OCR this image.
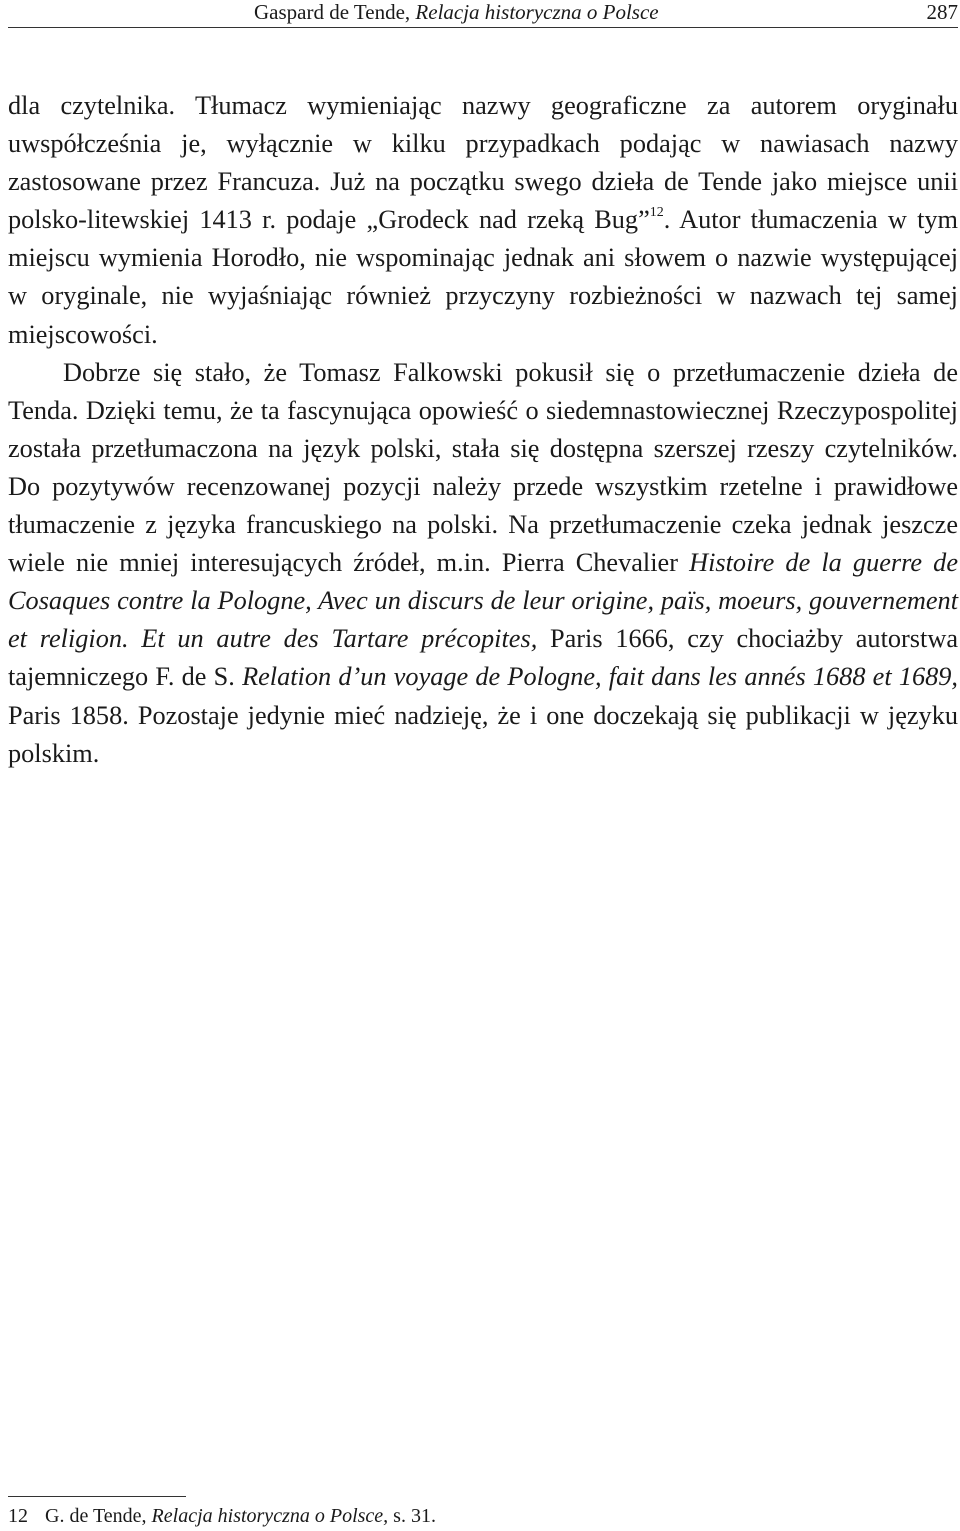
Gaspard de Tende, Relacja historyczna o Polsce	287

dla czytelnika. Tłumacz wymieniając nazwy geograficzne za autorem oryginału uwspółcześnia je, wyłącznie w kilku przypadkach podając w nawiasach nazwy zastosowane przez Francuza. Już na początku swego dzieła de Tende jako miejsce unii polsko-litewskiej 1413 r. podaje „Grodeck nad rzeką Bug”$^{12}$. Autor tłumaczenia w tym miejscu wymienia Horodło, nie wspominając jednak ani słowem o nazwie występującej w oryginale, nie wyjaśniając również przyczyny rozbieżności w nazwach tej samej miejscowości.

Dobrze się stało, że Tomasz Falkowski pokusił się o przetłumaczenie dzieła de Tenda. Dzięki temu, że ta fascynująca opowieść o siedemnastowiecznej Rzeczypospolitej została przetłumaczona na język polski, stała się dostępna szerszej rzeszy czytelników. Do pozytywów recenzowanej pozycji należy przede wszystkim rzetelne i prawidłowe tłumaczenie z języka francuskiego na polski. Na przetłumaczenie czeka jednak jeszcze wiele nie mniej interesujących źródeł, m.in. Pierra Chevalier Histoire de la guerre de Cosaques contre la Pologne, Avec un discurs de leur origine, païs, moeurs, gouvernement et religion. Et un autre des Tartare précopites, Paris 1666, czy chociażby autorstwa tajemniczego F. de S. Relation d’un voyage de Pologne, fait dans les annés 1688 et 1689, Paris 1858. Pozostaje jedynie mieć nadzieję, że i one doczekają się publikacji w języku polskim.

12 G. de Tende, Relacja historyczna o Polsce, s. 31.
